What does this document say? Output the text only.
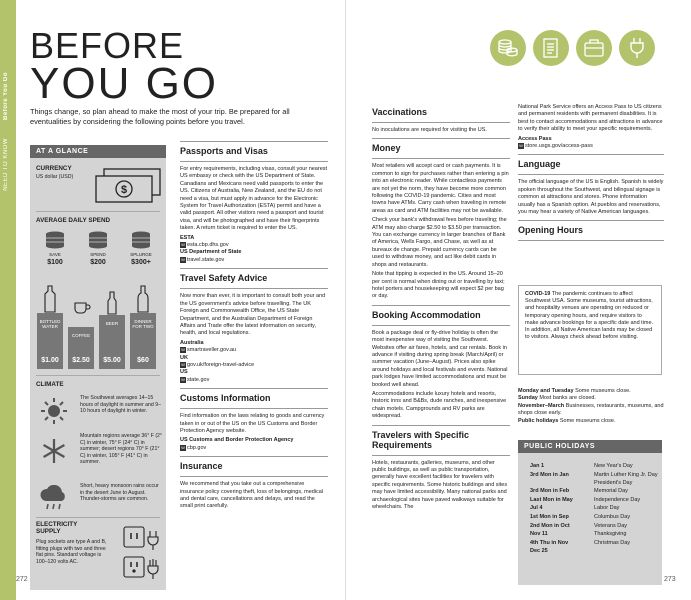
NEED TO KNOW
Before You Go
BEFORE
YOU GO
Things change, so plan ahead to make the most of your trip. Be prepared for all eventualities by considering the following points before you travel.
AT A GLANCE
CURRENCY
US dollar (USD)
$
AVERAGE DAILY SPEND
SAVE
$100
SPEND
$200
SPLURGE
$300+
BOTTLED WATER
$1.00
COFFEE
$2.50
BEER
$5.00
DINNER FOR TWO
$60
CLIMATE
The Southwest averages 14–15 hours of daylight in summer and 9–10 hours of daylight in winter.
Mountain regions average 36° F (2° C) in winter, 75° F (24° C) in summer; desert regions 70° F (21° C) in winter, 105° F (41° C) in summer.
Short, heavy monsoon rains occur in the desert June to August. Thunder-storms are common.
ELECTRICITY SUPPLY
Plug sockets are type A and B, fitting plugs with two and three flat pins. Standard voltage is 100–120 volts AC.
Passports and Visas

For entry requirements, including visas, consult your nearest US embassy or check with the US Department of State. Canadians and Mexicans need valid passports to enter the US. Citizens of Australia, New Zealand, and the EU do not need a visa, but must apply in advance for the Electronic System for Travel Authorization (ESTA) permit and have a valid passport. All other visitors need a passport and tourist visa, and will be photographed and have their fingerprints taken. A return ticket is required to enter the US.

ESTA
W esta.cbp.dhs.gov
US Department of State
W travel.state.gov
Travel Safety Advice

Now more than ever, it is important to consult both your and the US government's advice before travelling. The UK Foreign and Commonwealth Office, the US State Department, and the Australian Department of Foreign Affairs and Trade offer the latest information on security, health, and local regulations.

Australia
W smartraveller.gov.au
UK
W gov.uk/foreign-travel-advice
US
W state.gov
Customs Information

Find information on the laws relating to goods and currency taken in or out of the US on the US Customs and Border Protection Agency website.

US Customs and Border Protection Agency
W cbp.gov
Insurance

We recommend that you take out a comprehensive insurance policy covering theft, loss of belongings, medical and dental care, cancellations and delays, and read the small print carefully.

Vaccinations

No inoculations are required for visiting the US.

Money

Most retailers will accept card or cash payments. It is common to sign for purchases rather than entering a pin into an electronic reader. While contactless payments are not yet the norm, they have become more common following the COVID-19 pandemic. Cities and most towns have ATMs. Carry cash when traveling in remote areas as card and ATM facilities may not be available.

Check your bank's withdrawal fees before traveling; the ATM may also charge $2.50 to $3.50 per transaction. You can exchange currency in larger branches of Bank of America, Wells Fargo, and Chase, as well as at bureaux de change. Prepaid currency cards can be used to withdraw money, and act like debit cards in shops and restaurants.

Note that tipping is expected in the US. Around 15–20 per cent is normal when dining out or travelling by taxi; hotel porters and housekeeping will expect $2 per bag or day.

Booking Accommodation

Book a package deal or fly-drive holiday is often the most inexpensive way of visiting the Southwest. Websites offer air fares, hotels, and car rentals. Book in advance if visiting during spring break (March/April) or summer vacation (June–August). Prices also spike around holidays and local festivals and events. National park lodges have limited accommodations and must be booked well ahead.

Accommodations include luxury hotels and resorts, historic inns and B&Bs, dude ranches, and inexpensive chain motels. Campgrounds and RV parks are widespread.

Travelers with Specific Requirements

Hotels, restaurants, galleries, museums, and other public buildings, as well as public transportation, generally have excellent facilities for travelers with specific requirements. Some historic buildings and sites may have limited accessibility. Many national parks and archaeological sites have paved walkways suitable for wheelchairs. The

National Park Service offers an Access Pass to US citizens and permanent residents with permanent disabilities. It is best to contact accommodations and attractions in advance to verify their ability to meet your specific requirements.

Access Pass
W store.usgs.gov/access-pass
Language

The official language of the US is English. Spanish is widely spoken throughout the Southwest, and bilingual signage is common at attractions and stores. Phone information usually has a Spanish option. At pueblos and reservations, you may hear a variety of Native American languages.

Opening Hours
COVID-19 The pandemic continues to affect Southwest USA. Some museums, tourist attractions, and hospitality venues are operating on reduced or temporary opening hours, and require visitors to make advance bookings for a specific date and time. In addition, all Native American lands may be closed to visitors. Always check ahead before visiting.
Monday and Tuesday Some museums close.
Sunday Most banks are closed.
November–March Businesses, restaurants, museums, and shops close early.
Public holidays Some museums close.
PUBLIC HOLIDAYS
Jan 1
3rd Mon in Jan
3rd Mon in Feb
Last Mon in May
Jul 4
1st Mon in Sep
2nd Mon in Oct
Nov 11
4th Thu in Nov
Dec 25
New Year's Day
Martin Luther King Jr. Day
President's Day
Memorial Day
Independence Day
Labor Day
Columbus Day
Veterans Day
Thanksgiving
Christmas Day
272	273
